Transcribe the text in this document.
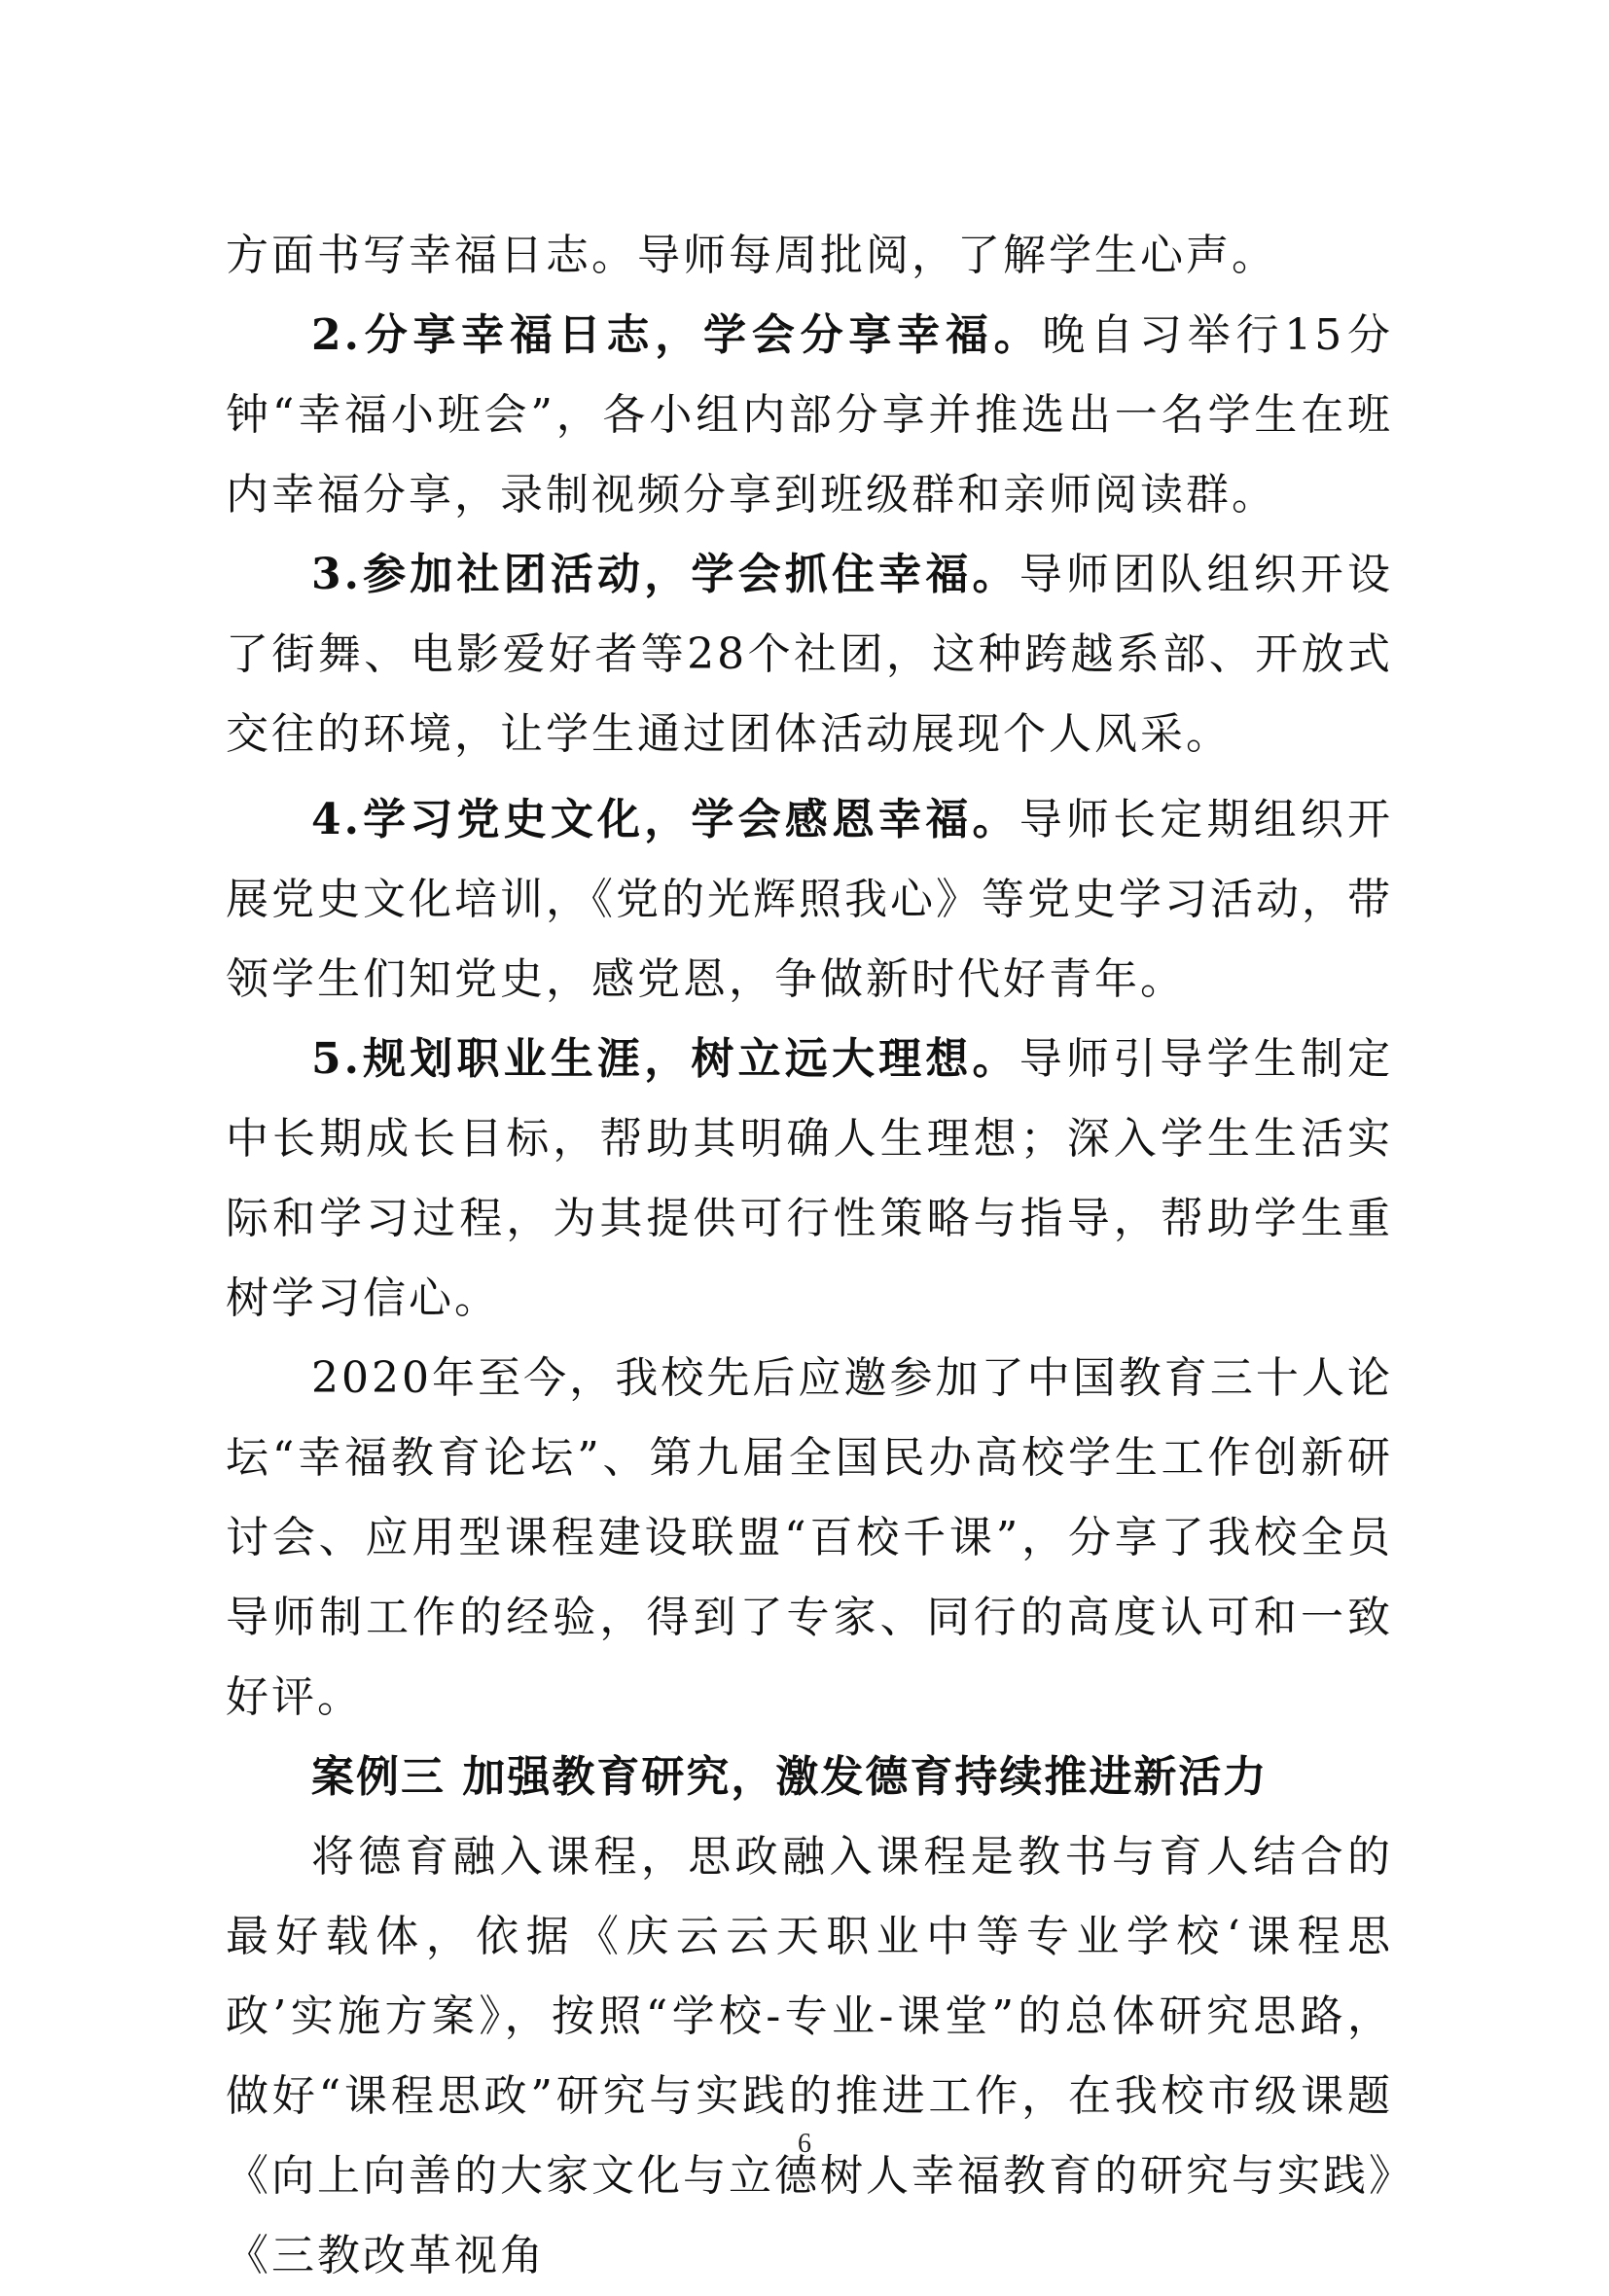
方面书写幸福日志。导师每周批阅，了解学生心声。

2.分享幸福日志，学会分享幸福。晚自习举行15分钟“幸福小班会”，各小组内部分享并推选出一名学生在班内幸福分享，录制视频分享到班级群和亲师阅读群。

3.参加社团活动，学会抓住幸福。导师团队组织开设了街舞、电影爱好者等28个社团，这种跨越系部、开放式交往的环境，让学生通过团体活动展现个人风采。

4.学习党史文化，学会感恩幸福。导师长定期组织开展党史文化培训，《党的光辉照我心》等党史学习活动，带领学生们知党史，感党恩，争做新时代好青年。

5.规划职业生涯，树立远大理想。导师引导学生制定中长期成长目标，帮助其明确人生理想；深入学生生活实际和学习过程，为其提供可行性策略与指导，帮助学生重树学习信心。

2020年至今，我校先后应邀参加了中国教育三十人论坛“幸福教育论坛”、第九届全国民办高校学生工作创新研讨会、应用型课程建设联盟“百校千课”，分享了我校全员导师制工作的经验，得到了专家、同行的高度认可和一致好评。

案例三 加强教育研究，激发德育持续推进新活力

将德育融入课程，思政融入课程是教书与育人结合的最好载体，依据《庆云云天职业中等专业学校‘课程思政’实施方案》，按照“学校-专业-课堂”的总体研究思路，做好“课程思政”研究与实践的推进工作，在我校市级课题《向上向善的大家文化与立德树人幸福教育的研究与实践》《三教改革视角

6
